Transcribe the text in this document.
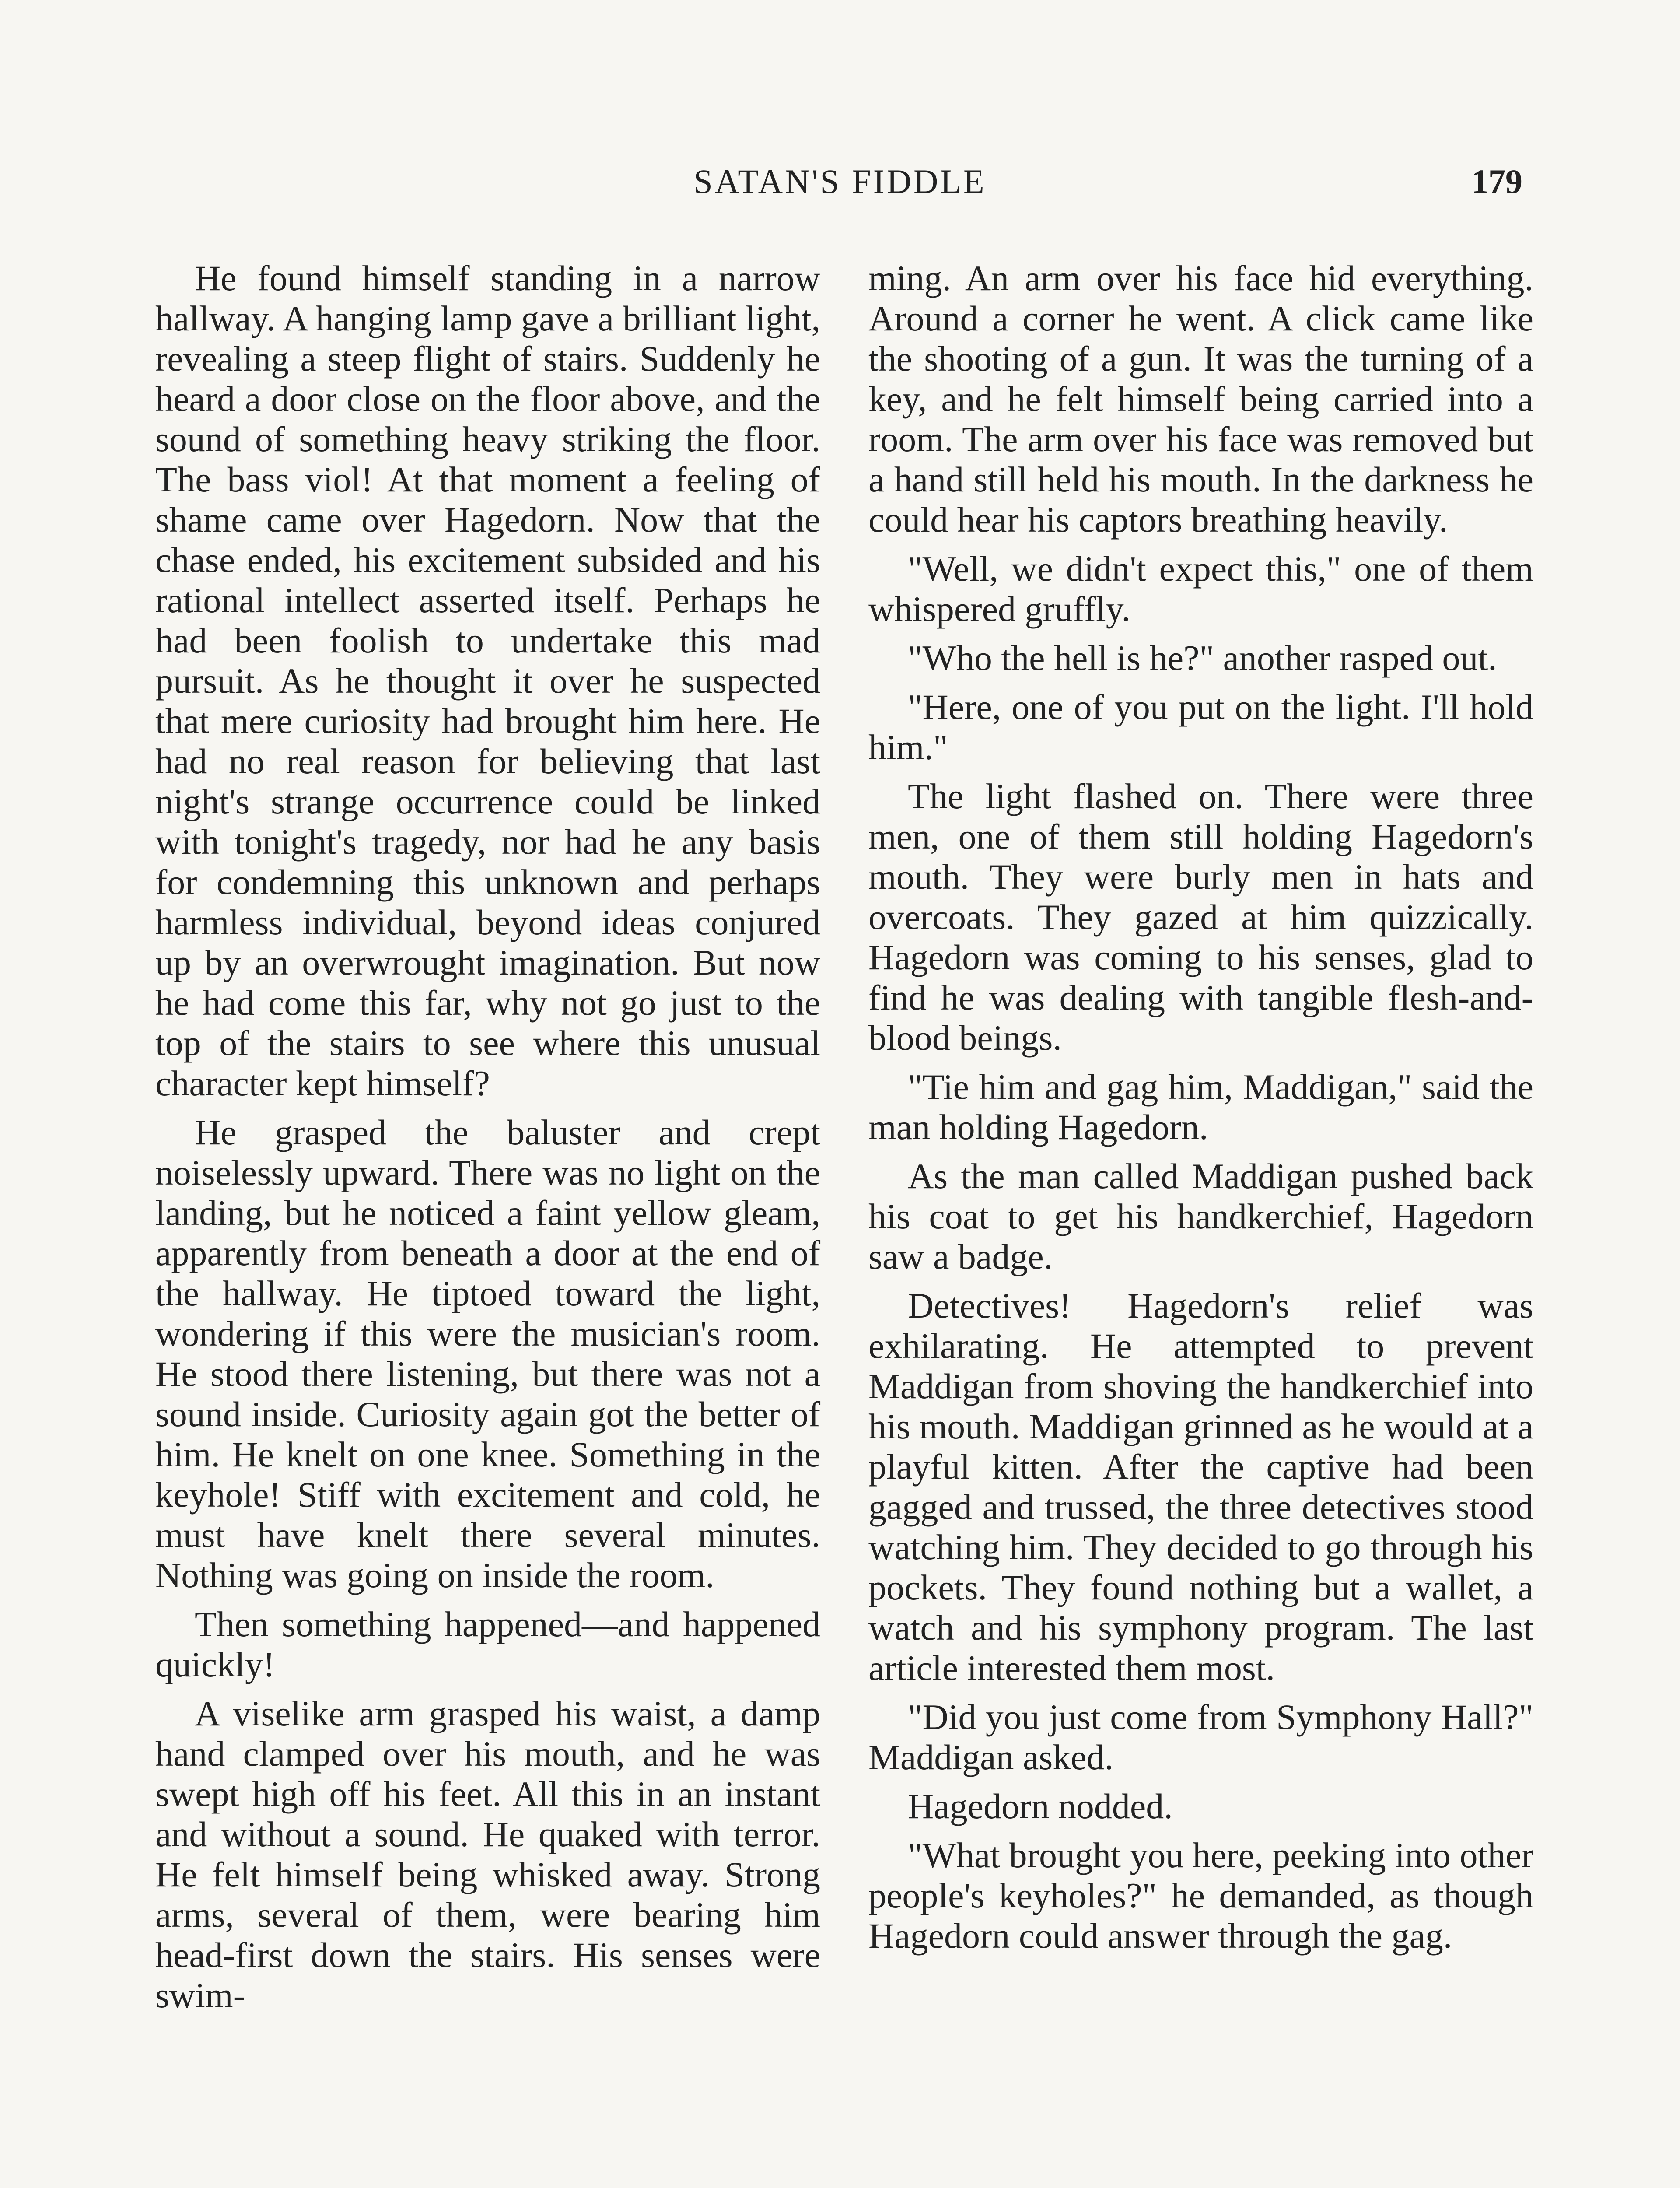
SATAN'S FIDDLE	179

He found himself standing in a narrow hallway. A hanging lamp gave a brilliant light, revealing a steep flight of stairs. Suddenly he heard a door close on the floor above, and the sound of something heavy striking the floor. The bass viol! At that moment a feeling of shame came over Hagedorn. Now that the chase ended, his excitement subsided and his rational intellect asserted itself. Perhaps he had been foolish to undertake this mad pursuit. As he thought it over he suspected that mere curiosity had brought him here. He had no real reason for believing that last night's strange occurrence could be linked with tonight's tragedy, nor had he any basis for condemning this unknown and perhaps harmless individual, beyond ideas conjured up by an overwrought imagination. But now he had come this far, why not go just to the top of the stairs to see where this unusual character kept himself?

He grasped the baluster and crept noiselessly upward. There was no light on the landing, but he noticed a faint yellow gleam, apparently from beneath a door at the end of the hallway. He tiptoed toward the light, wondering if this were the musician's room. He stood there listening, but there was not a sound inside. Curiosity again got the better of him. He knelt on one knee. Something in the keyhole! Stiff with excitement and cold, he must have knelt there several minutes. Nothing was going on inside the room.

Then something happened—and happened quickly!

A viselike arm grasped his waist, a damp hand clamped over his mouth, and he was swept high off his feet. All this in an instant and without a sound. He quaked with terror. He felt himself being whisked away. Strong arms, several of them, were bearing him head-first down the stairs. His senses were swim-

ming. An arm over his face hid everything. Around a corner he went. A click came like the shooting of a gun. It was the turning of a key, and he felt himself being carried into a room. The arm over his face was removed but a hand still held his mouth. In the darkness he could hear his captors breathing heavily.

"Well, we didn't expect this," one of them whispered gruffly.

"Who the hell is he?" another rasped out.

"Here, one of you put on the light. I'll hold him."

The light flashed on. There were three men, one of them still holding Hagedorn's mouth. They were burly men in hats and overcoats. They gazed at him quizzically. Hagedorn was coming to his senses, glad to find he was dealing with tangible flesh-and-blood beings.

"Tie him and gag him, Maddigan," said the man holding Hagedorn.

As the man called Maddigan pushed back his coat to get his handkerchief, Hagedorn saw a badge.

Detectives! Hagedorn's relief was exhilarating. He attempted to prevent Maddigan from shoving the handkerchief into his mouth. Maddigan grinned as he would at a playful kitten. After the captive had been gagged and trussed, the three detectives stood watching him. They decided to go through his pockets. They found nothing but a wallet, a watch and his symphony program. The last article interested them most.

"Did you just come from Symphony Hall?" Maddigan asked.

Hagedorn nodded.

"What brought you here, peeking into other people's keyholes?" he demanded, as though Hagedorn could answer through the gag.
